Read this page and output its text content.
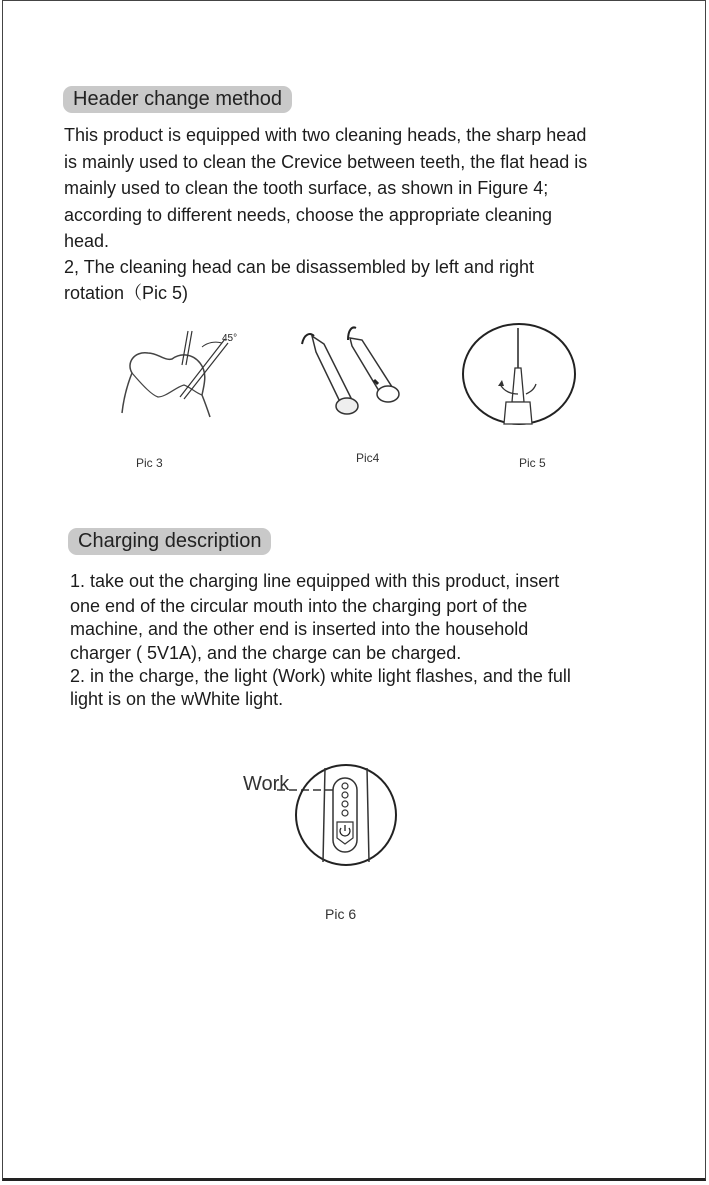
Header change method

This product is equipped with two cleaning heads, the sharp head

is mainly used to clean the Crevice between teeth, the flat head is

mainly used to clean the tooth surface, as shown in Figure 4;

according to different needs, choose the appropriate cleaning

head.

2, The cleaning head can be disassembled by left and right

rotation（Pic 5)

45°
Pic 3	Pic4	Pic 5
Charging description

1. take out the charging line equipped with this product, insert

one end of the circular mouth into the charging port of the

machine, and the other end is inserted into the household

charger ( 5V1A), and the charge can be charged.

2. in the charge, the light (Work) white light flashes, and the full

light is on the wWhite light.

Work
Pic 6
